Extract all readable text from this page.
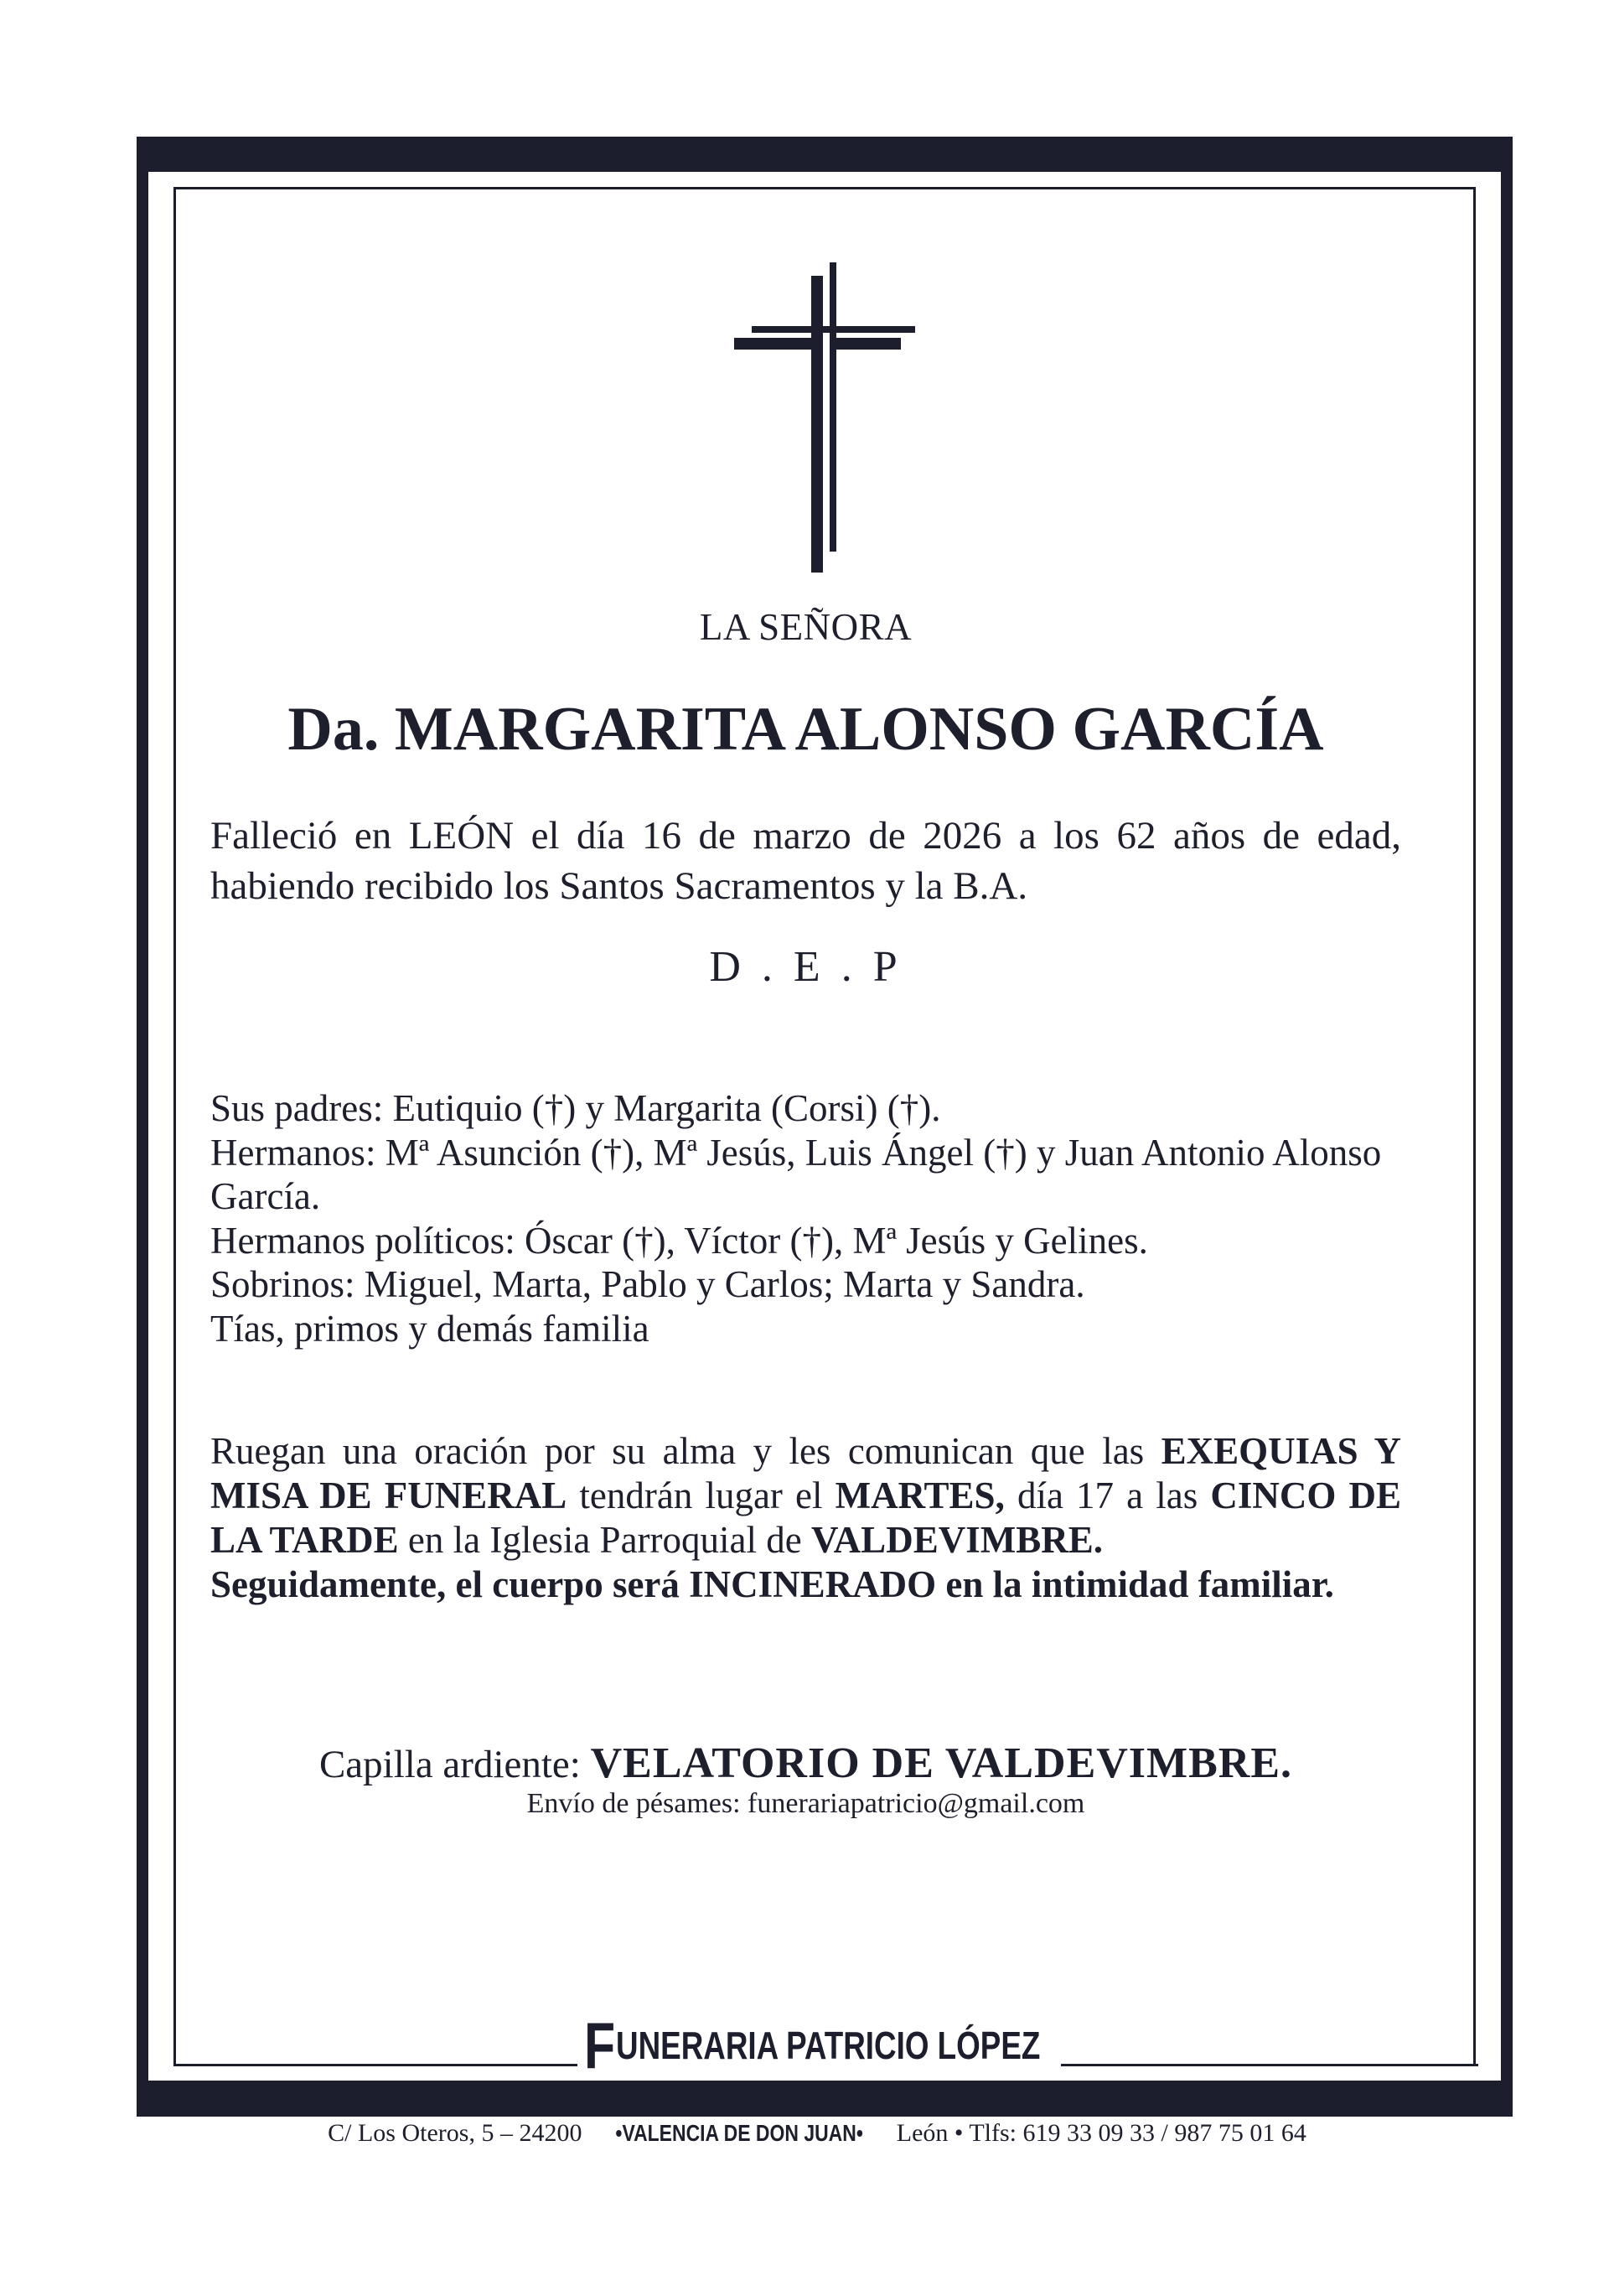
LA SEÑORA
Da. MARGARITA ALONSO GARCÍA
Falleció en LEÓN el día 16 de marzo de 2026 a los 62 años de edad, habiendo recibido los Santos Sacramentos y la B.A.
D . E . P
Sus padres: Eutiquio (†) y Margarita (Corsi) (†).
Hermanos: Mª Asunción (†), Mª Jesús, Luis Ángel (†) y Juan Antonio Alonso
García.
Hermanos políticos: Óscar (†), Víctor (†), Mª Jesús y Gelines.
Sobrinos: Miguel, Marta, Pablo y Carlos; Marta y Sandra.
Tías, primos y demás familia
Ruegan una oración por su alma y les comunican que las EXEQUIAS Y MISA DE FUNERAL tendrán lugar el MARTES, día 17 a las CINCO DE LA TARDE en la Iglesia Parroquial de VALDEVIMBRE.
Seguidamente, el cuerpo será INCINERADO en la intimidad familiar.
Capilla ardiente: VELATORIO DE VALDEVIMBRE.
Envío de pésames: funerariapatricio@gmail.com
FUNERARIA PATRICIO LÓPEZ
C/ Los Oteros, 5 – 24200 •VALENCIA DE DON JUAN• León • Tlfs: 619 33 09 33 / 987 75 01 64
